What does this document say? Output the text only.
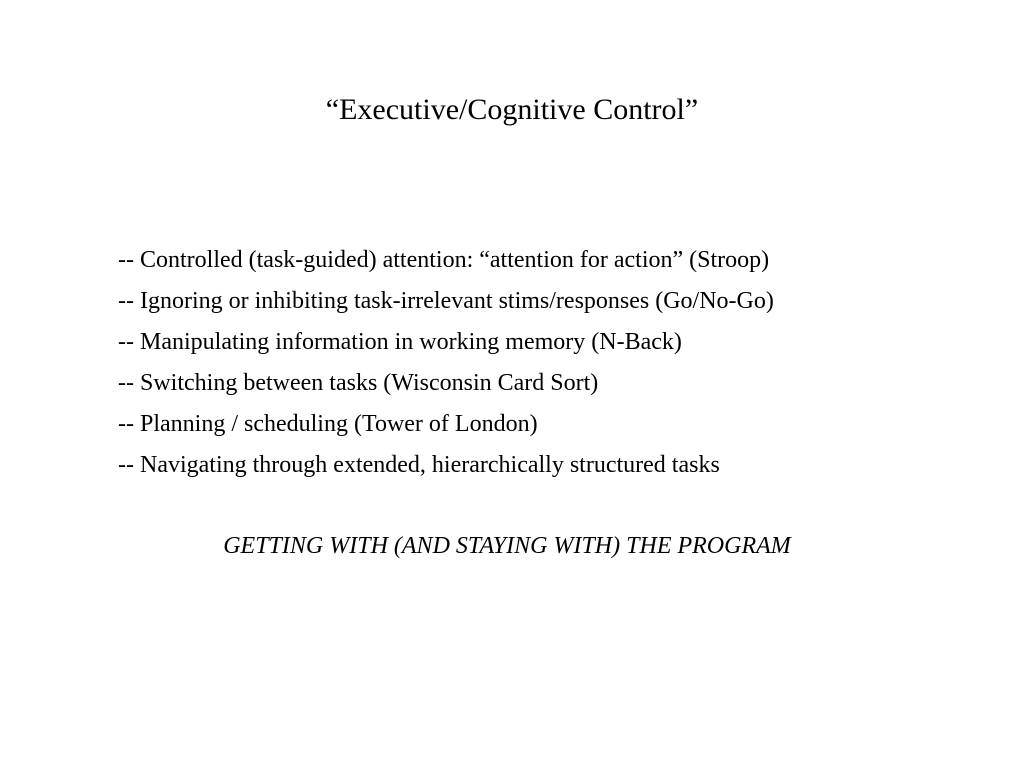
“Executive/Cognitive Control”
-- Controlled (task-guided) attention: “attention for action” (Stroop)
-- Ignoring or inhibiting task-irrelevant stims/responses (Go/No-Go)
-- Manipulating information in working memory (N-Back)
-- Switching between tasks (Wisconsin Card Sort)
-- Planning / scheduling (Tower of London)
-- Navigating through extended, hierarchically structured tasks
GETTING WITH (AND STAYING WITH) THE PROGRAM
